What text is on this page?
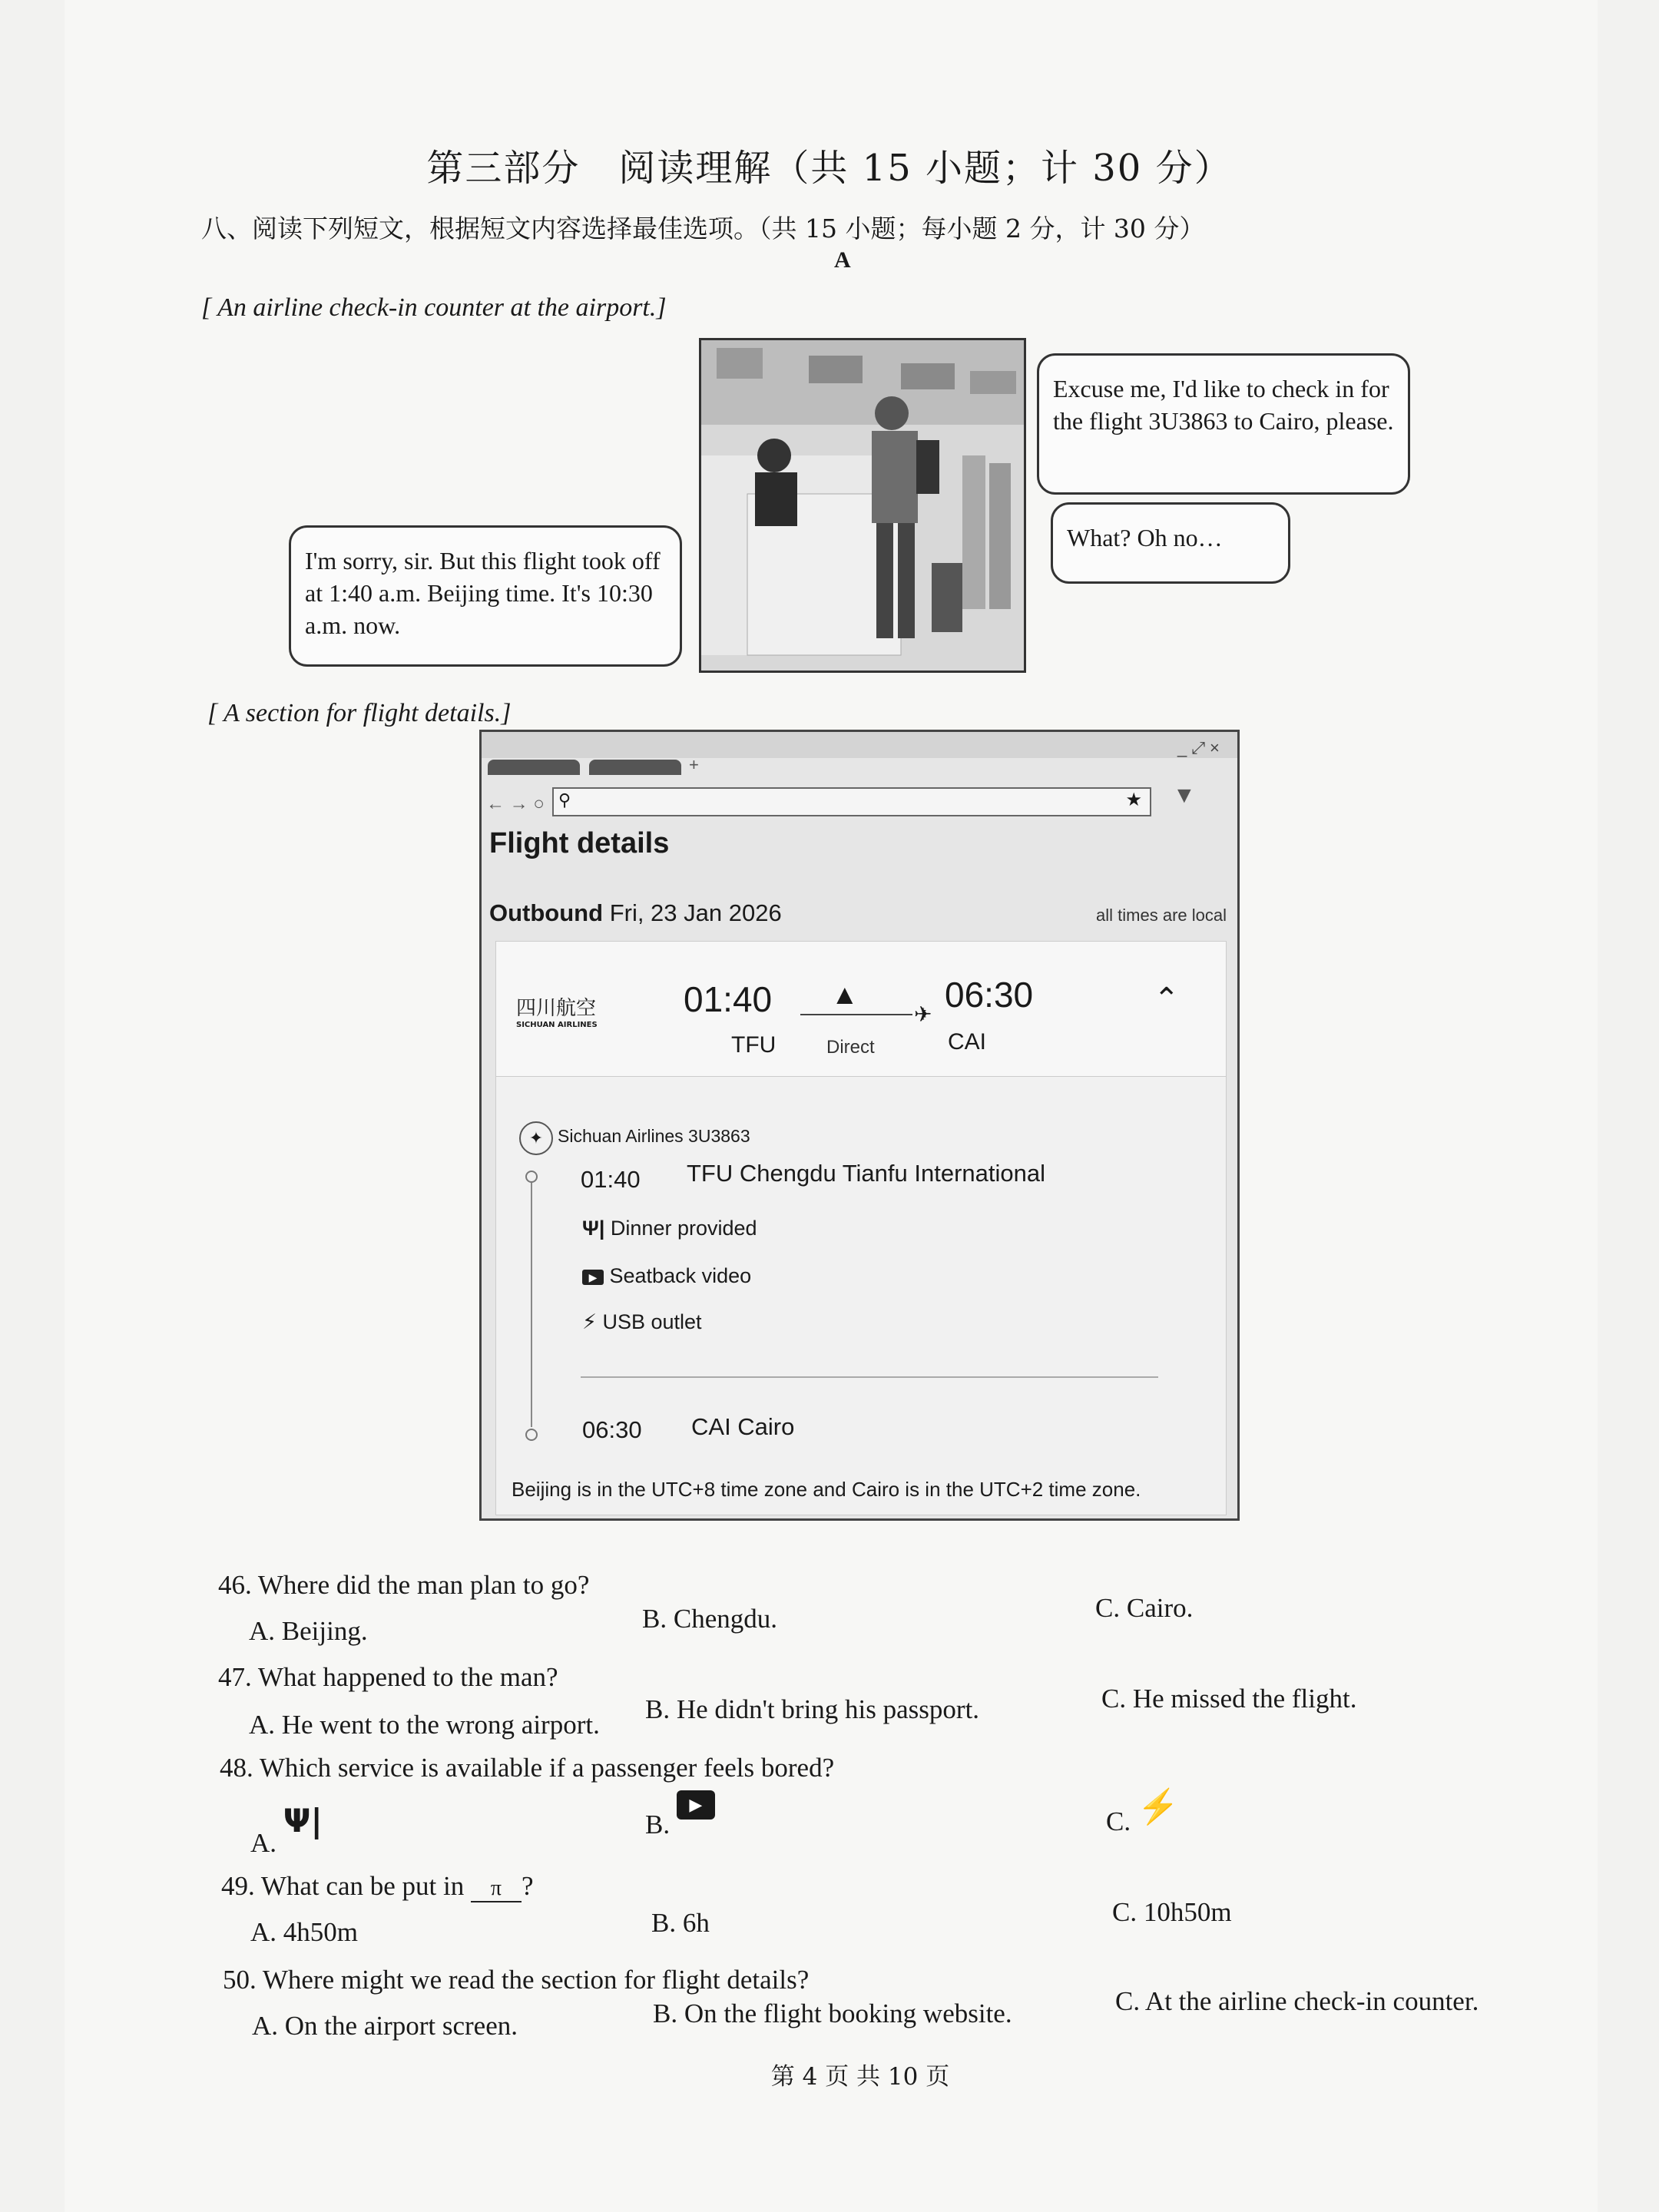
第三部分　阅读理解（共 15 小题；计 30 分）
八、阅读下列短文，根据短文内容选择最佳选项。（共 15 小题；每小题 2 分，计 30 分）
A
[ An airline check-in counter at the airport.]
Excuse me, I'd like to check in for the flight 3U3863 to Cairo, please.
What? Oh no…
I'm sorry, sir. But this flight took off at 1:40 a.m. Beijing time. It's 10:30 a.m. now.
[ A section for flight details.]
+
_ ⤢ ×
← → ○ ⚲	★ ▼
Flight details
Outbound Fri, 23 Jan 2026	all times are local
四川航空
SICHUAN AIRLINES
01:40
TFU
▲
✈
Direct
06:30
CAI
⌃
✦ Sichuan Airlines 3U3863
01:40 TFU Chengdu Tianfu International
Ψ| Dinner provided
▶ Seatback video
⚡ USB outlet
06:30 CAI Cairo
Beijing is in the UTC+8 time zone and Cairo is in the UTC+2 time zone.
46. Where did the man plan to go?
A. Beijing.	B. Chengdu.	C. Cairo.
47. What happened to the man?
A. He went to the wrong airport.
B. He didn't bring his passport.	C. He missed the flight.
48. Which service is available if a passenger feels bored?
A. Ψ|	B. ▶
C. ⚡
49. What can be put in π ?
A. 4h50m	B. 6h	C. 10h50m
50. Where might we read the section for flight details?
A. On the airport screen.	B. On the flight booking website.	C. At the airline check-in counter.
第 4 页 共 10 页
